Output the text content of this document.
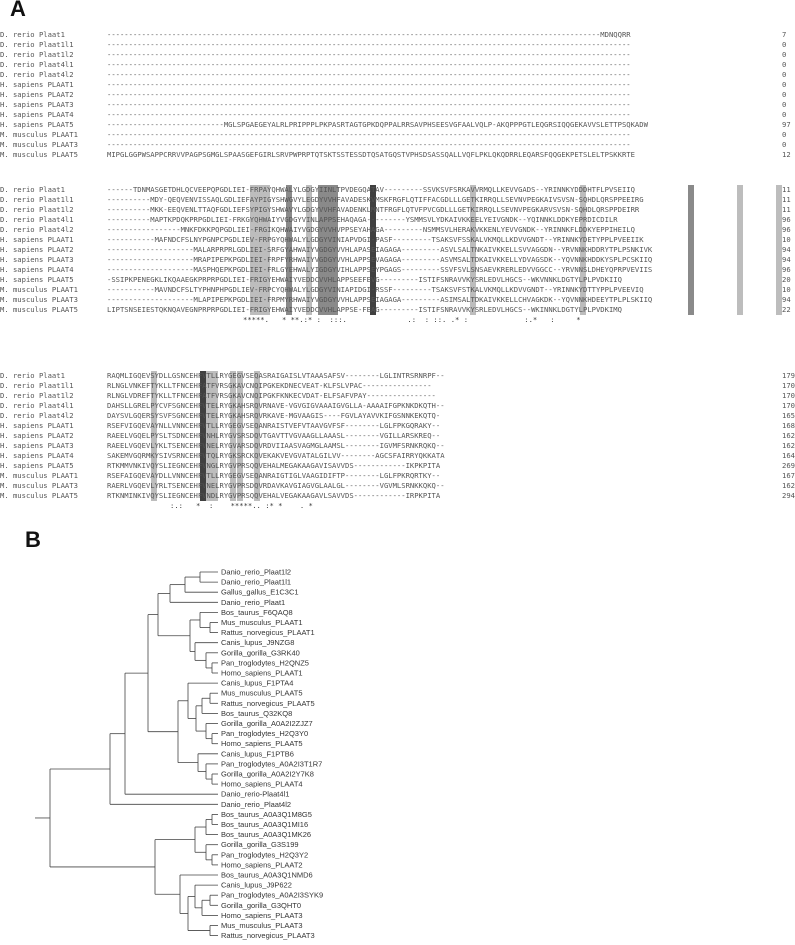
A
B
D. rerio Plaat1	------------------------------------------------------------------------------------------------------------------MDNQQRR	7
D. rerio Plaat1l1	-------------------------------------------------------------------------------------------------------------------------	0
D. rerio Plaat1l2	-------------------------------------------------------------------------------------------------------------------------	0
D. rerio Plaat4l1	-------------------------------------------------------------------------------------------------------------------------	0
D. rerio Plaat4l2	-------------------------------------------------------------------------------------------------------------------------	0
H. sapiens PLAAT1	-------------------------------------------------------------------------------------------------------------------------	0
H. sapiens PLAAT2	-------------------------------------------------------------------------------------------------------------------------	0
H. sapiens PLAAT3	-------------------------------------------------------------------------------------------------------------------------	0
H. sapiens PLAAT4	-------------------------------------------------------------------------------------------------------------------------	0
H. sapiens PLAAT5	---------------------------MGLSPGAEGEYALRLPRIPPPLPKPASRTAGTGPKDQPPALRRSAVPHSEESVGFAALVQLP-AKQPPPGTLEQGRSIQQGEKAVVSLETTPSQKADW	97
M. musculus PLAAT1	-------------------------------------------------------------------------------------------------------------------------	0
M. musculus PLAAT3	-------------------------------------------------------------------------------------------------------------------------	0
M. musculus PLAAT5	MIPGLGGPWSAPPCRRVVPAGPSGMGLSPAASGEFGIRLSRVPWPRPTQTSKTSSTESSDTQSATGQSTVPHSDSASSQALLVQFLPKLQKQDRRLEQARSFQQGEKPETSLELTPSKKRTE	12
D. rerio Plaat1	------TDNMASGETDHLQCVEEPQPGDLIEI-FRPAYQHWALYLGDGYIINLTPVDEGQATAV---------SSVKSVFSRKAVVRMQLLKEVVGADS--YRINNKYDDDHTFLPVSEIIQ	11
D. rerio Plaat1l1	----------MDY-QEQVENVISSAQLGDLIEFAYPIGYSHWGVYLEGDYVVHFAVADESKVMSKFRGFLQTIFFACGDLLLGETKIRRQLLSEVNVPEGKAIVSVSN-SQHDLQRSPPEEIRG	11
D. rerio Plaat1l2	----------MKK-EEQVENLTTAQFGDLIEFSYPIGYSHWAVYLGDGYVVHFAVADENKLMNTFRGFLQTVFPVCGDLLLGETKIRRQLLSEVNVPEGKARVSVSN-SQHDLQRSPPDEIRR	11
D. rerio Plaat4l1	----------MAPTKPDQKPRPGDLIEI-FRKGYQHWAIYVGDGYVINLAPPSEHAQAGA---------YSMMSVLYDKAIVKKEELYEIVGNDK--YQINNKLDDKYEPRDICDILR	96
D. rerio Plaat4l2	-----------------MNKFDKKPQPGDLIEI-FRGIKQHWAIYVGDGYVVHVPPSEYAHAGA---------NSMMSVLHERAKVKKENLYEVVGNDK--YRINNKFLDDKYEPPIHEILQ	96
H. sapiens PLAAT1	-----------MAFNDCFSLNYPGNPCPGDLIEV-FRPGYQHWALYLGDGYVINIAPVDGI-PASF---------TSAKSVFSSKALVKMQLLKDVVGNDT--YRINNKYDETYPPLPVEEIIK	10
H. sapiens PLAAT2	--------------------MALARPRPRLGDLIEI-SRFGYAHWAIYVGDGYVVHLAPASEIAGAGA---------ASVLSALTNKAIVKKELLSVVAGGDN--YRVNNKHDDRYTPLPSNKIVK	94
H. sapiens PLAAT3	--------------------MRAPIPEPKPGDLIEI-FRPFYRHWAIYVGDGYVVHLAPPSEVAGAGA---------ASVMSALTDKAIVKKELLYDVAGSDK--YQVNNKHDDKYSPLPCSKIIQ	94
H. sapiens PLAAT4	--------------------MASPHQEPKPGDLIEI-FRLGYEHWALYIGDGYVIHLAPPSEYPGAGS---------SSVFSVLSNSAEVKRERLEDVVGGCC--YRVNNSLDHEYQPRPVEVIIS	96
H. sapiens PLAAT5	-SSIPKPENEGKLIKQAAEGKPRPRPGDLIEI-FRIGYEHWAIYVEDDCVVHLAPPSEEFEVG---------ISTIFSNRAVVKYSRLEDVLHGCS--WKVNNKLDGTYLPLPVDKIIQ	20
M. musculus PLAAT1	-----------MAVNDCFSLTYPHNPHPGDLIEV-FRPCYQHWALYLGDGYVINIAPIDGI-RSSF---------TSAKSVFSTKALVKMQLLKDVVGNDT--YRINNKYDTTYPPLPVEEVIQ	10
M. musculus PLAAT3	--------------------MLAPIPEPKPGDLIEI-FRPMYRHWAIYVGDGYVVHLAPPSEIAGAGA---------ASIMSALTDKAIVKKELLCHVAGKDK--YQVNNKHDEEYTPLPLSKIIQ	94
M. musculus PLAAT5	LIPTSNSEIESTQKNQAVEGNPRPRPGDLIEI-FRIGYEHWAIYVEDDCVVHLAPPSE-FEAG---------ISTIFSNRAVVKYSRLEDVLHGCS--WKINNKLDGTYLPLPVDKIMQ	22
*****.   * **.:* :  :::.              .:  : ::. .* :             :.*   :     *
D. rerio Plaat1	RAQMLIGQEVSYDLLGSNCEHFVTLLRYGEGVSEQASRAIGAISLVTAAASAFSV--------LGLINTRSRNRPF--	179
D. rerio Plaat1l1	RLNGLVNKEFTYKLLTFNCEHFATFVRSGKAVCNQIPGKEKDNECVEAT-KLFSLVPAC----------------	170
D. rerio Plaat1l2	RLNGLVDREFTYKLLTFNCEHFATFVRSGKAVCNQIPGKFKNKECVDAT-ELFSAFVPAY----------------	170
D. rerio Plaat4l1	DAHSLLGRELPYCVFSGNCEHFVTELRYGKAHSRQVRNAVE-VGVGIGVAAAIGVGLLA-AAAAIFGPKNKDKQTH--	170
D. rerio Plaat4l2	DAYSVLGQERSYSVFSGNCEHFVTELRYGKAHSRQVRKAVE-MGVAAGIS----FGVLAYAVVKIFGSNNKEKQTQ-	165
H. sapiens PLAAT1	RSEFVIGQEVAYNLLVNNCEHFVTLLRYGEGVSEQANRAISTVEFVTAAVGVFSF--------LGLFPKGQRAKY--	168
H. sapiens PLAAT2	RAEELVGQELPYSLTSDNCEHFVNHLRYGVSRSDQVTGAVTTVGVAAGLLAAASL--------VGILLARSKREQ--	162
H. sapiens PLAAT3	RAEELVGQEVLYKLTSENCEHFVNELRYGVARSDQVRDVIIAASVAGMGLAAMSL--------IGVMFSRNKRQKQ--	162
H. sapiens PLAAT4	SAKEMVGQRMKYSIVSRNCEHFVTQLRYGKSRCKQVEKAKVEVGVATALGILVV--------AGCSFAIRRYQKKATA	164
H. sapiens PLAAT5	RTKMMVNKIVQYSLIEGNCEHFVNGLRYGVPRSQQVEHALMEGAKAAGAVISAVVDS------------IKPKPITA	269
M. musculus PLAAT1	RSEFAIGQEVAYDLLVNNCEHFVTLLRYGEGVSEQANRAIGTIGLVAAGIDIFTP--------LGLFPKRQRTKY--	167
M. musculus PLAAT3	RAERLVGQEVLYRLTSENCEHFVNELRYGVPRSDQVRDAVKAVGIAGVGLAALGL--------VGVMLSRNKKQKQ--	162
M. musculus PLAAT5	RTKNMINKIVQYSLIEGNCEHFVNDLRYGVPRSQQVEHALVEGAKAAGAVLSAVVDS------------IRPKPITA	294
:.:   *  :    *****.. :* *    . *
Danio_rerio_Plaat1l2
Danio_rerio_Plaat1l1
Gallus_gallus_E1C3C1
Danio_rerio_Plaat1
Bos_taurus_F6QAQ8
Mus_musculus_PLAAT1
Rattus_norvegicus_PLAAT1
Canis_lupus_J9NZG8
Gorilla_gorilla_G3RK40
Pan_troglodytes_H2QNZ5
Homo_sapiens_PLAAT1
Canis_lupus_F1PTA4
Mus_musculus_PLAAT5
Rattus_norvegicus_PLAAT5
Bos_taurus_Q32KQ8
Gorilla_gorilla_A0A2I2ZJZ7
Pan_troglodytes_H2Q3Y0
Homo_sapiens_PLAAT5
Canis_lupus_F1PTB6
Pan_troglodytes_A0A2I3T1R7
Gorilla_gorilla_A0A2I2Y7K8
Homo_sapiens_PLAAT4
Danio_rerio-Plaat4l1
Danio_rerio_Plaat4l2
Bos_taurus_A0A3Q1M8G5
Bos_taurus_A0A3Q1MI16
Bos_taurus_A0A3Q1MK26
Gorilla_gorilla_G3S199
Pan_troglodytes_H2Q3Y2
Homo_sapiens_PLAAT2
Bos_taurus_A0A3Q1NMD6
Canis_lupus_J9P622
Pan_troglodytes_A0A2I3SYK9
Gorilla_gorilla_G3QHT0
Homo_sapiens_PLAAT3
Mus_musculus_PLAAT3
Rattus_norvegicus_PLAAT3
